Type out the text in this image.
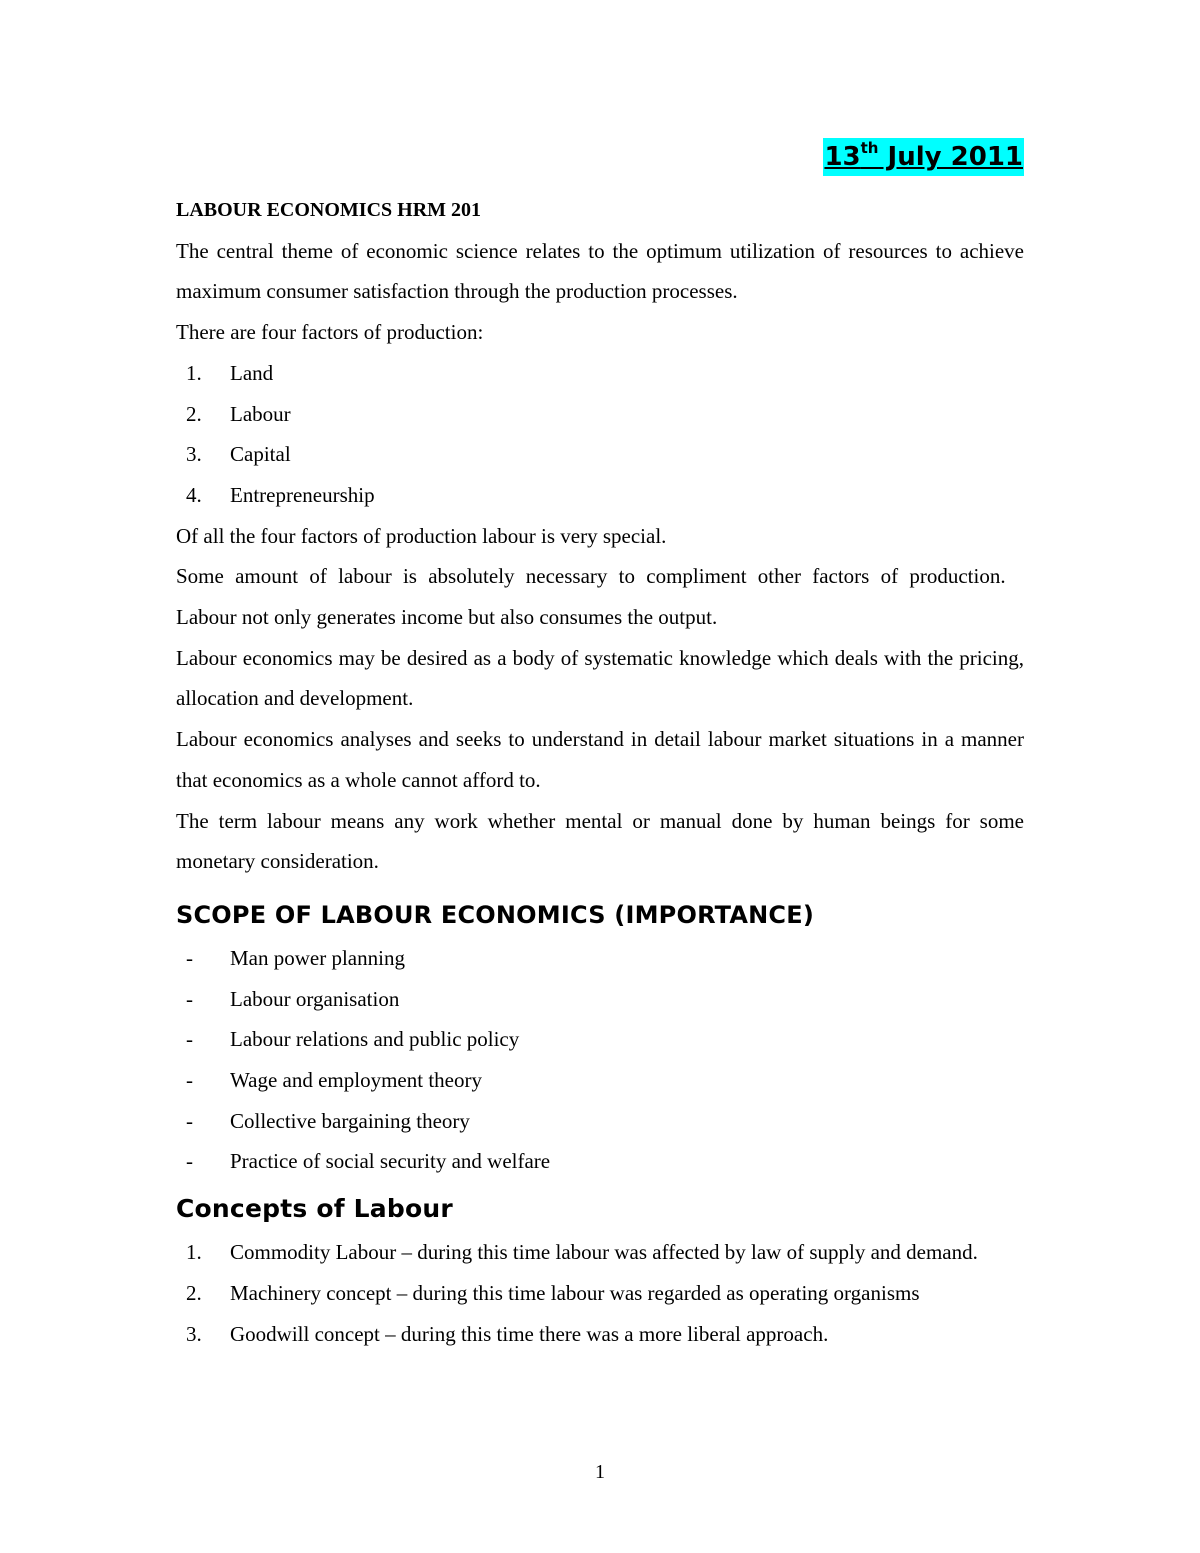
13th July 2011

LABOUR ECONOMICS HRM 201

The central theme of economic science relates to the optimum utilization of resources to achieve maximum consumer satisfaction through the production processes.

There are four factors of production:

1.	Land
2.	Labour
3.	Capital
4.	Entrepreneurship

Of all the four factors of production labour is very special.

Some amount of labour is absolutely necessary to compliment other factors of production.

Labour not only generates income but also consumes the output.

Labour economics may be desired as a body of systematic knowledge which deals with the pricing, allocation and development.

Labour economics analyses and seeks to understand in detail labour market situations in a manner that economics as a whole cannot afford to.

The term labour means any work whether mental or manual done by human beings for some monetary consideration.

SCOPE OF LABOUR ECONOMICS (IMPORTANCE)
-	Man power planning
-	Labour organisation
-	Labour relations and public policy
-	Wage and employment theory
-	Collective bargaining theory
-	Practice of social security and welfare
Concepts of Labour
1.	Commodity Labour – during this time labour was affected by law of supply and demand.
2.	Machinery concept – during this time labour was regarded as operating organisms
3.	Goodwill concept – during this time there was a more liberal approach.
1
